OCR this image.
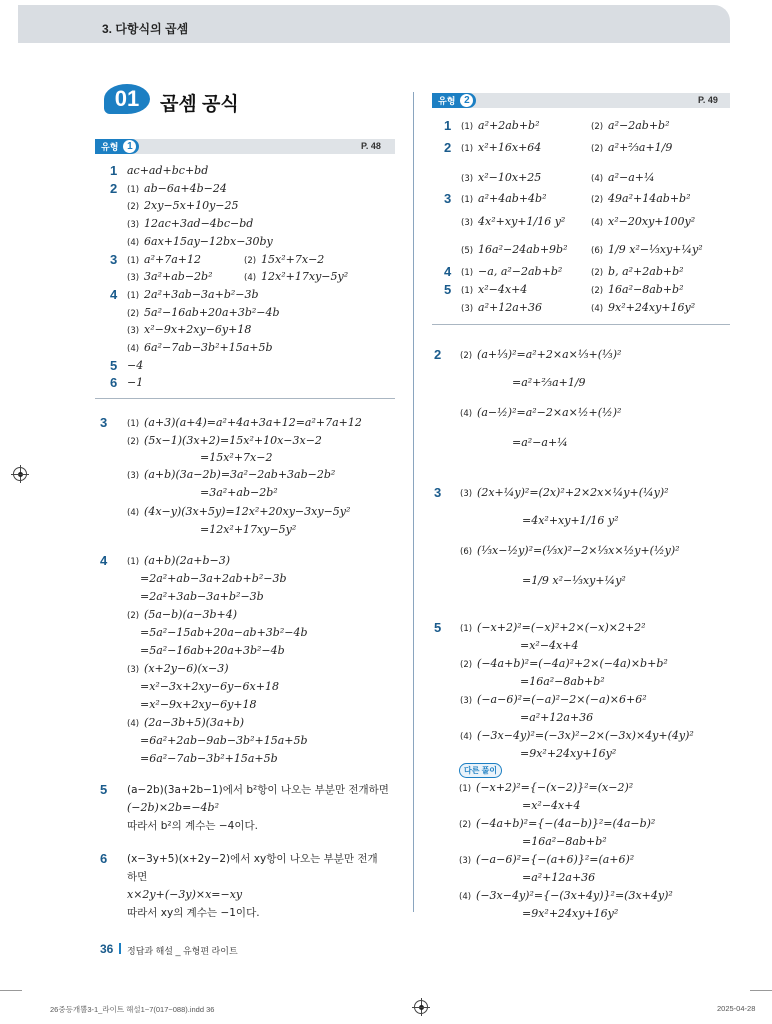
3. 다항식의 곱셈
01	곱셈 공식
유형 1	P. 48
1 ac+ad+bc+bd
2 (1) ab−6a+4b−24
(2) 2xy−5x+10y−25
(3) 12ac+3ad−4bc−bd
(4) 6ax+15ay−12bx−30by
3 (1) a²+7a+12	(2) 15x²+7x−2
(3) 3a²+ab−2b²	(4) 12x²+17xy−5y²
4 (1) 2a²+3ab−3a+b²−3b
(2) 5a²−16ab+20a+3b²−4b
(3) x²−9x+2xy−6y+18
(4) 6a²−7ab−3b²+15a+5b
5 −4
6 −1
유형 2	P. 49
1 (1) a²+2ab+b²	(2) a²−2ab+b²
2 (1) x²+16x+64	(2) a²+⅔a+1/9
(3) x²−10x+25	(4) a²−a+¼
3 (1) a²+4ab+4b²	(2) 49a²+14ab+b²
(3) 4x²+xy+1/16 y²	(4) x²−20xy+100y²
(5) 16a²−24ab+9b²	(6) 1/9 x²−⅓xy+¼y²
4 (1) −a, a²−2ab+b²	(2) b, a²+2ab+b²
5 (1) x²−4x+4	(2) 16a²−8ab+b²
(3) a²+12a+36	(4) 9x²+24xy+16y²
3 (1) (a+3)(a+4)=a²+4a+3a+12=a²+7a+12
(2) (5x−1)(3x+2)=15x²+10x−3x−2
=15x²+7x−2
(3) (a+b)(3a−2b)=3a²−2ab+3ab−2b²
=3a²+ab−2b²
(4) (4x−y)(3x+5y)=12x²+20xy−3xy−5y²
=12x²+17xy−5y²
4 (1) (a+b)(2a+b−3)
=2a²+ab−3a+2ab+b²−3b
=2a²+3ab−3a+b²−3b
(2) (5a−b)(a−3b+4)
=5a²−15ab+20a−ab+3b²−4b
=5a²−16ab+20a+3b²−4b
(3) (x+2y−6)(x−3)
=x²−3x+2xy−6y−6x+18
=x²−9x+2xy−6y+18
(4) (2a−3b+5)(3a+b)
=6a²+2ab−9ab−3b²+15a+5b
=6a²−7ab−3b²+15a+5b
5 (a−2b)(3a+2b−1)에서 b²항이 나오는 부분만 전개하면
(−2b)×2b=−4b²
따라서 b²의 계수는 −4이다.
6 (x−3y+5)(x+2y−2)에서 xy항이 나오는 부분만 전개
하면
x×2y+(−3y)×x=−xy
따라서 xy의 계수는 −1이다.
2 (2) (a+⅓)²=a²+2×a×⅓+(⅓)²
=a²+⅔a+1/9
(4) (a−½)²=a²−2×a×½+(½)²
=a²−a+¼
3 (3) (2x+¼y)²=(2x)²+2×2x×¼y+(¼y)²
=4x²+xy+1/16 y²
(6) (⅓x−½y)²=(⅓x)²−2×⅓x×½y+(½y)²
=1/9 x²−⅓xy+¼y²
5 (1) (−x+2)²=(−x)²+2×(−x)×2+2²
=x²−4x+4
(2) (−4a+b)²=(−4a)²+2×(−4a)×b+b²
=16a²−8ab+b²
(3) (−a−6)²=(−a)²−2×(−a)×6+6²
=a²+12a+36
(4) (−3x−4y)²=(−3x)²−2×(−3x)×4y+(4y)²
=9x²+24xy+16y²
다른 풀이
(1) (−x+2)²={−(x−2)}²=(x−2)²
=x²−4x+4
(2) (−4a+b)²={−(4a−b)}²=(4a−b)²
=16a²−8ab+b²
(3) (−a−6)²={−(a+6)}²=(a+6)²
=a²+12a+36
(4) (−3x−4y)²={−(3x+4y)}²=(3x+4y)²
=9x²+24xy+16y²
36 정답과 해설 _ 유형편 라이트
26중등개뿔3-1_라이트 해설1~7(017~088).indd 36	2025-04-28
